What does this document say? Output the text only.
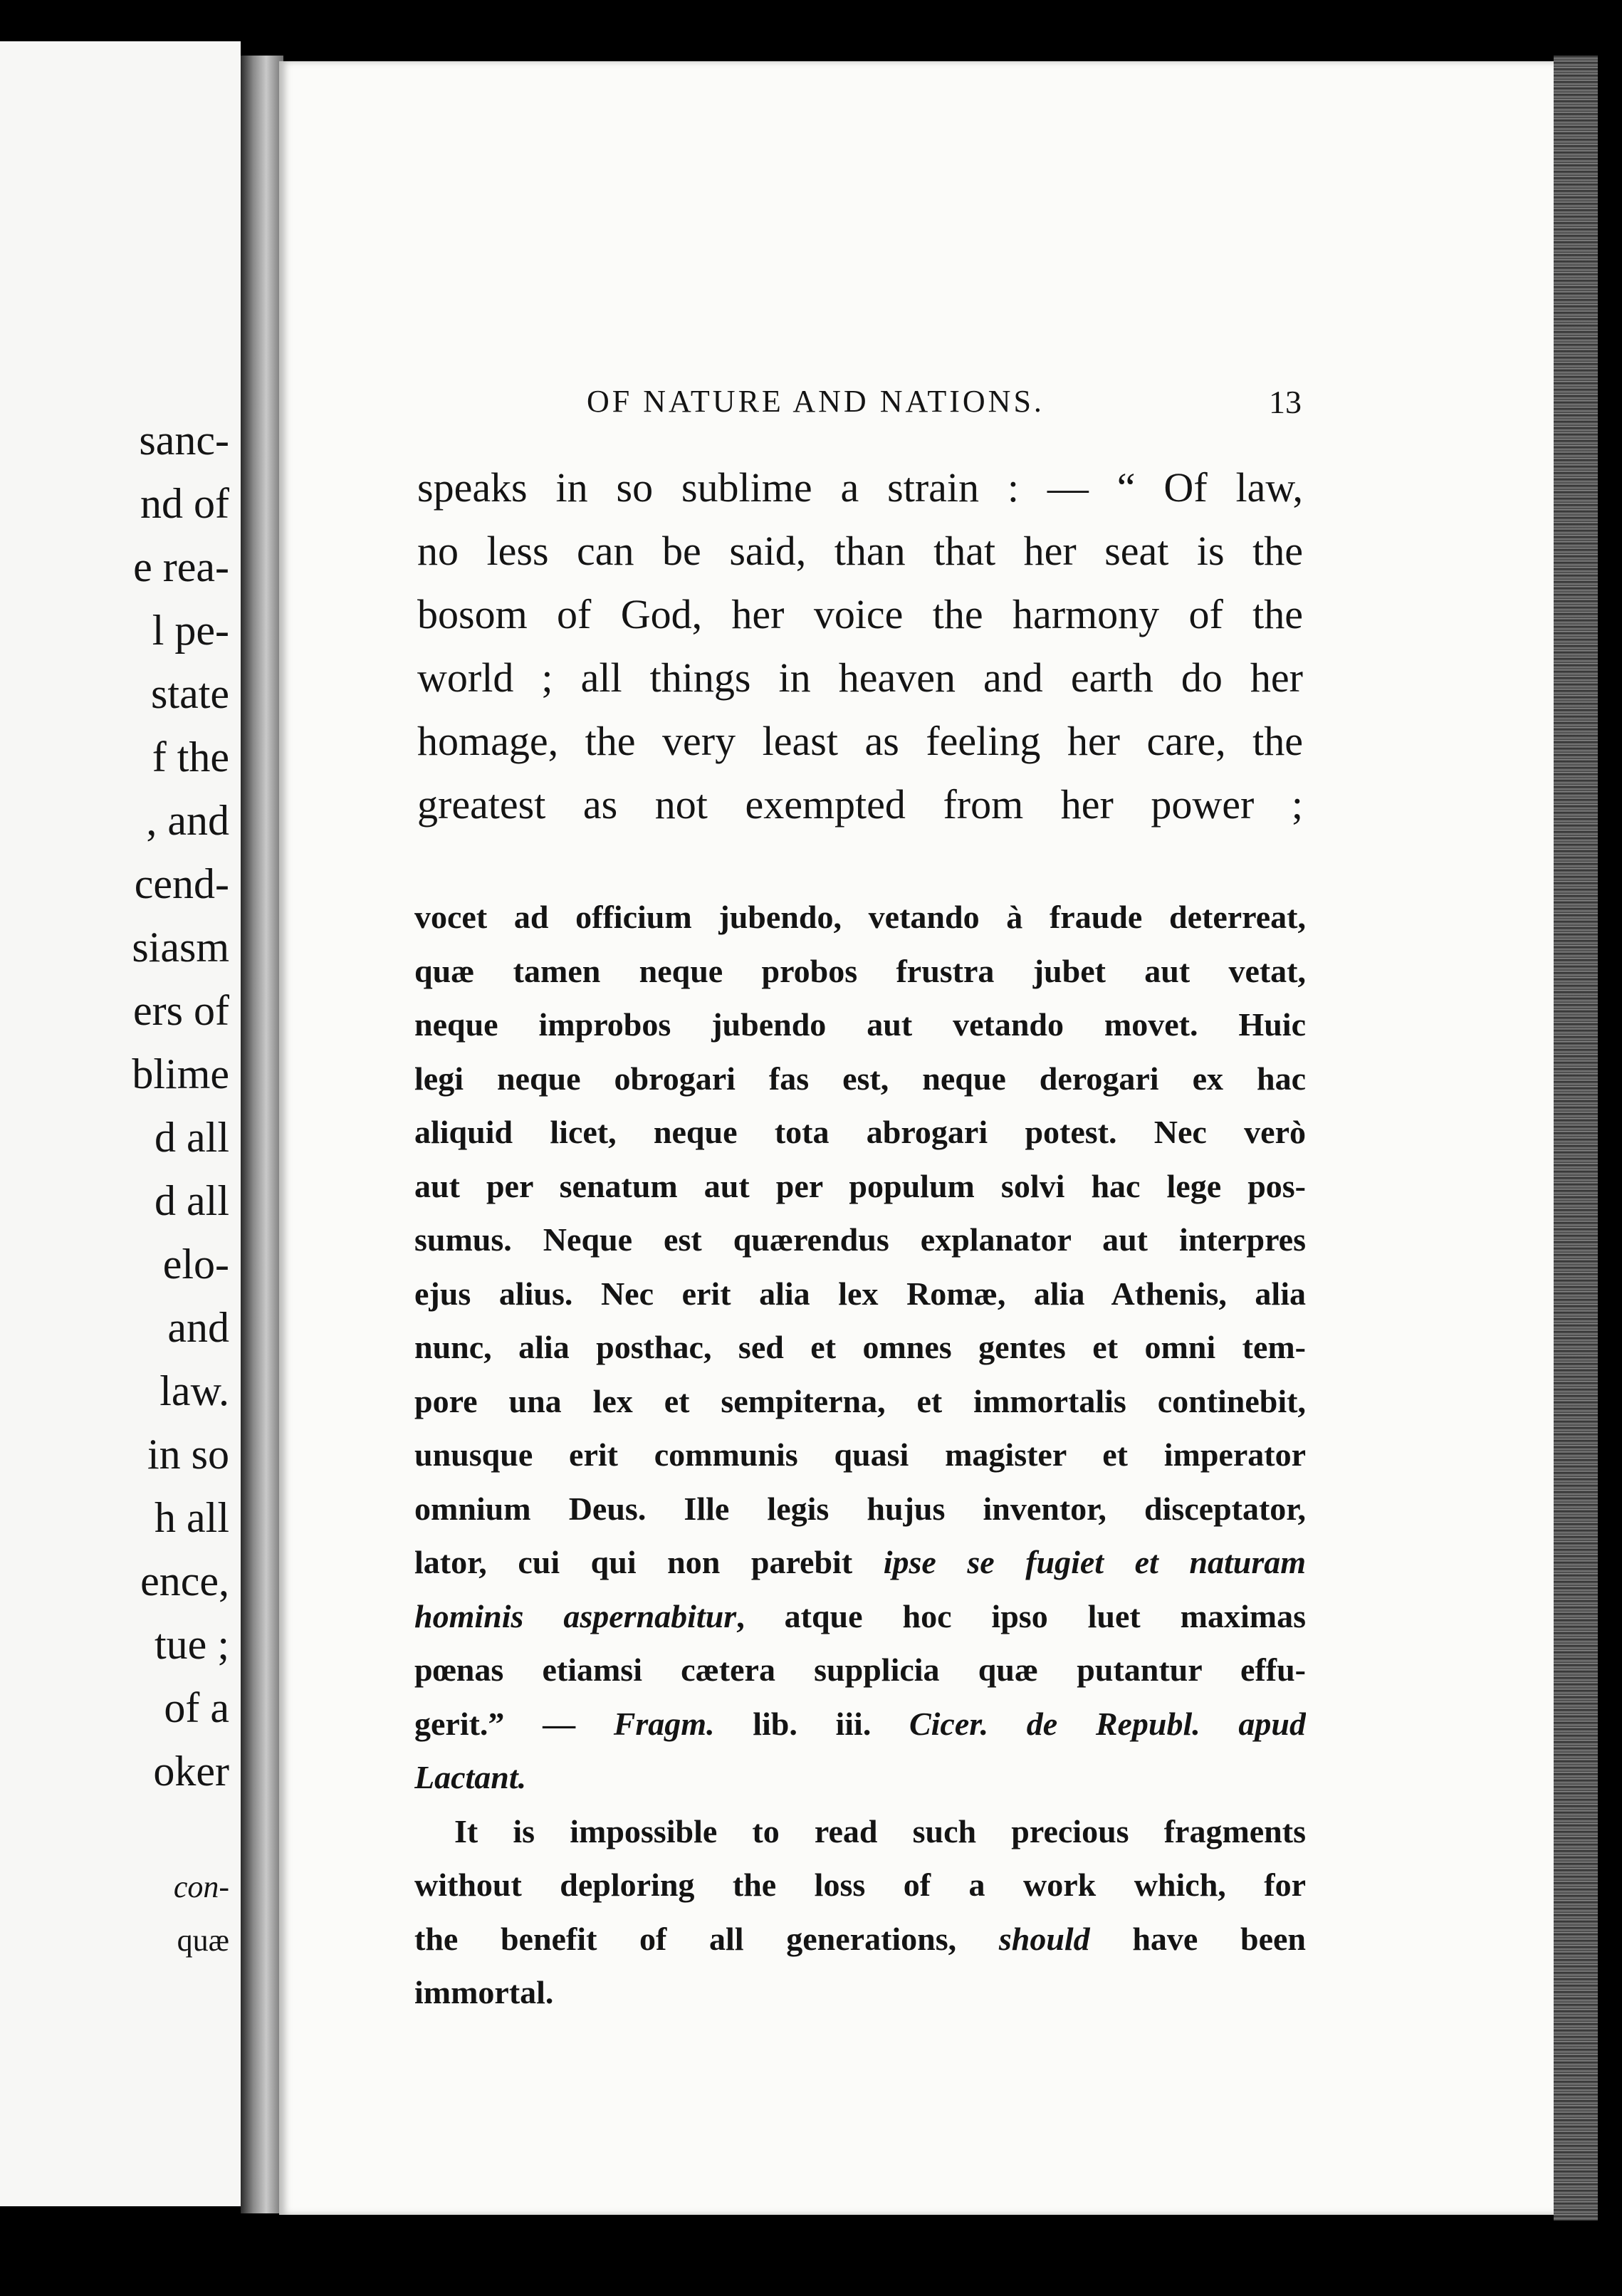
sanc-
nd of
e rea-
l pe-
state
f the
, and
cend-
siasm
ers of
blime
d all
d all
elo-
and
law.
in so
h all
ence,
tue ;
of a
oker
con-
quæ
OF NATURE AND NATIONS.	13
speaks in so sublime a strain : — “ Of law,
no less can be said, than that her seat is the
bosom of God, her voice the harmony of the
world ; all things in heaven and earth do her
homage, the very least as feeling her care, the
greatest as not exempted from her power ;
vocet ad officium jubendo, vetando à fraude deterreat,
quæ tamen neque probos frustra jubet aut vetat,
neque improbos jubendo aut vetando movet. Huic
legi neque obrogari fas est, neque derogari ex hac
aliquid licet, neque tota abrogari potest. Nec verò
aut per senatum aut per populum solvi hac lege pos-
sumus. Neque est quærendus explanator aut interpres
ejus alius. Nec erit alia lex Romæ, alia Athenis, alia
nunc, alia posthac, sed et omnes gentes et omni tem-
pore una lex et sempiterna, et immortalis continebit,
unusque erit communis quasi magister et imperator
omnium Deus. Ille legis hujus inventor, disceptator,
lator, cui qui non parebit ipse se fugiet et naturam
hominis aspernabitur, atque hoc ipso luet maximas
pœnas etiamsi cætera supplicia quæ putantur effu-
gerit.” — Fragm. lib. iii. Cicer. de Republ. apud
Lactant.
It is impossible to read such precious fragments
without deploring the loss of a work which, for
the benefit of all generations, should have been
immortal.
